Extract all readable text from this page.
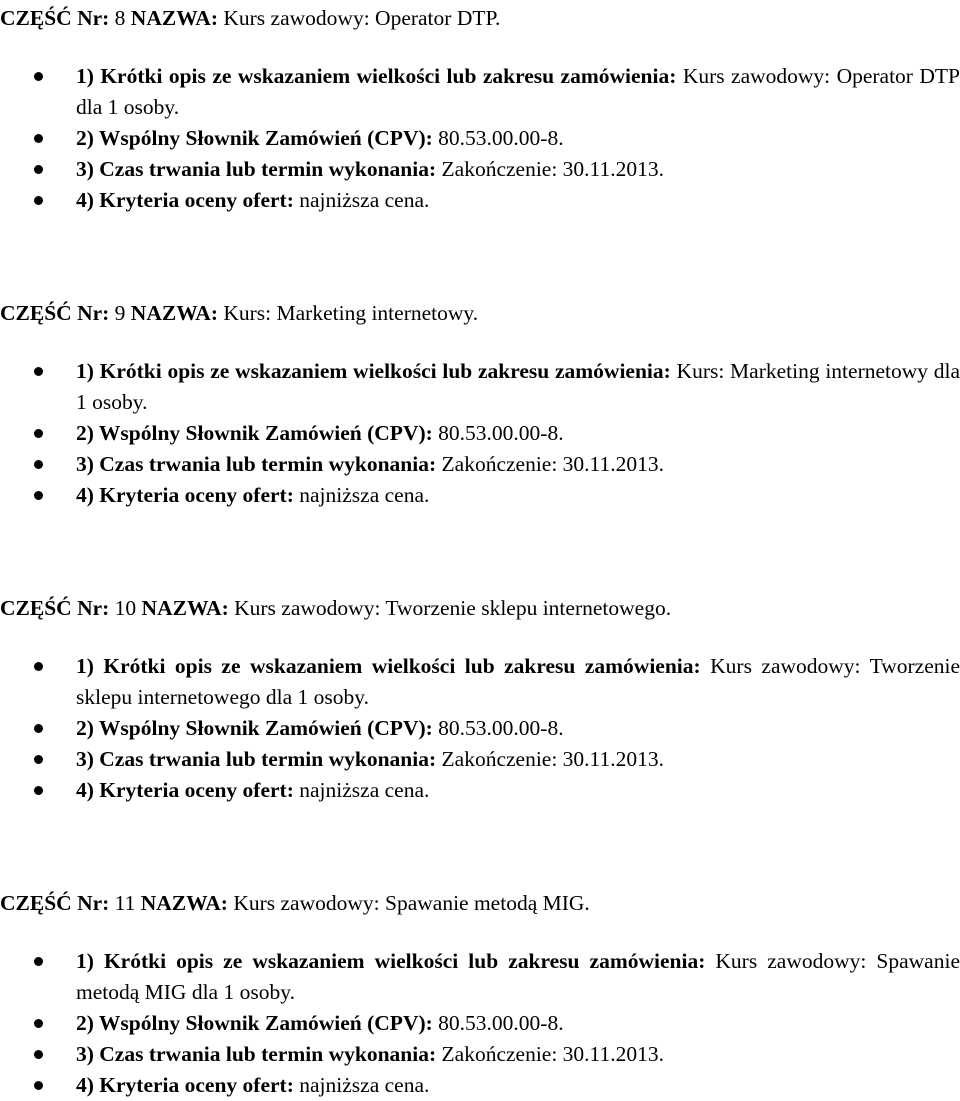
CZĘŚĆ Nr: 8 NAZWA: Kurs zawodowy: Operator DTP.
1) Krótki opis ze wskazaniem wielkości lub zakresu zamówienia: Kurs zawodowy: Operator DTP dla 1 osoby.
2) Wspólny Słownik Zamówień (CPV): 80.53.00.00-8.
3) Czas trwania lub termin wykonania: Zakończenie: 30.11.2013.
4) Kryteria oceny ofert: najniższa cena.
CZĘŚĆ Nr: 9 NAZWA: Kurs: Marketing internetowy.
1) Krótki opis ze wskazaniem wielkości lub zakresu zamówienia: Kurs: Marketing internetowy dla 1 osoby.
2) Wspólny Słownik Zamówień (CPV): 80.53.00.00-8.
3) Czas trwania lub termin wykonania: Zakończenie: 30.11.2013.
4) Kryteria oceny ofert: najniższa cena.
CZĘŚĆ Nr: 10 NAZWA: Kurs zawodowy: Tworzenie sklepu internetowego.
1) Krótki opis ze wskazaniem wielkości lub zakresu zamówienia: Kurs zawodowy: Tworzenie sklepu internetowego dla 1 osoby.
2) Wspólny Słownik Zamówień (CPV): 80.53.00.00-8.
3) Czas trwania lub termin wykonania: Zakończenie: 30.11.2013.
4) Kryteria oceny ofert: najniższa cena.
CZĘŚĆ Nr: 11 NAZWA: Kurs zawodowy: Spawanie metodą MIG.
1) Krótki opis ze wskazaniem wielkości lub zakresu zamówienia: Kurs zawodowy: Spawanie metodą MIG dla 1 osoby.
2) Wspólny Słownik Zamówień (CPV): 80.53.00.00-8.
3) Czas trwania lub termin wykonania: Zakończenie: 30.11.2013.
4) Kryteria oceny ofert: najniższa cena.
